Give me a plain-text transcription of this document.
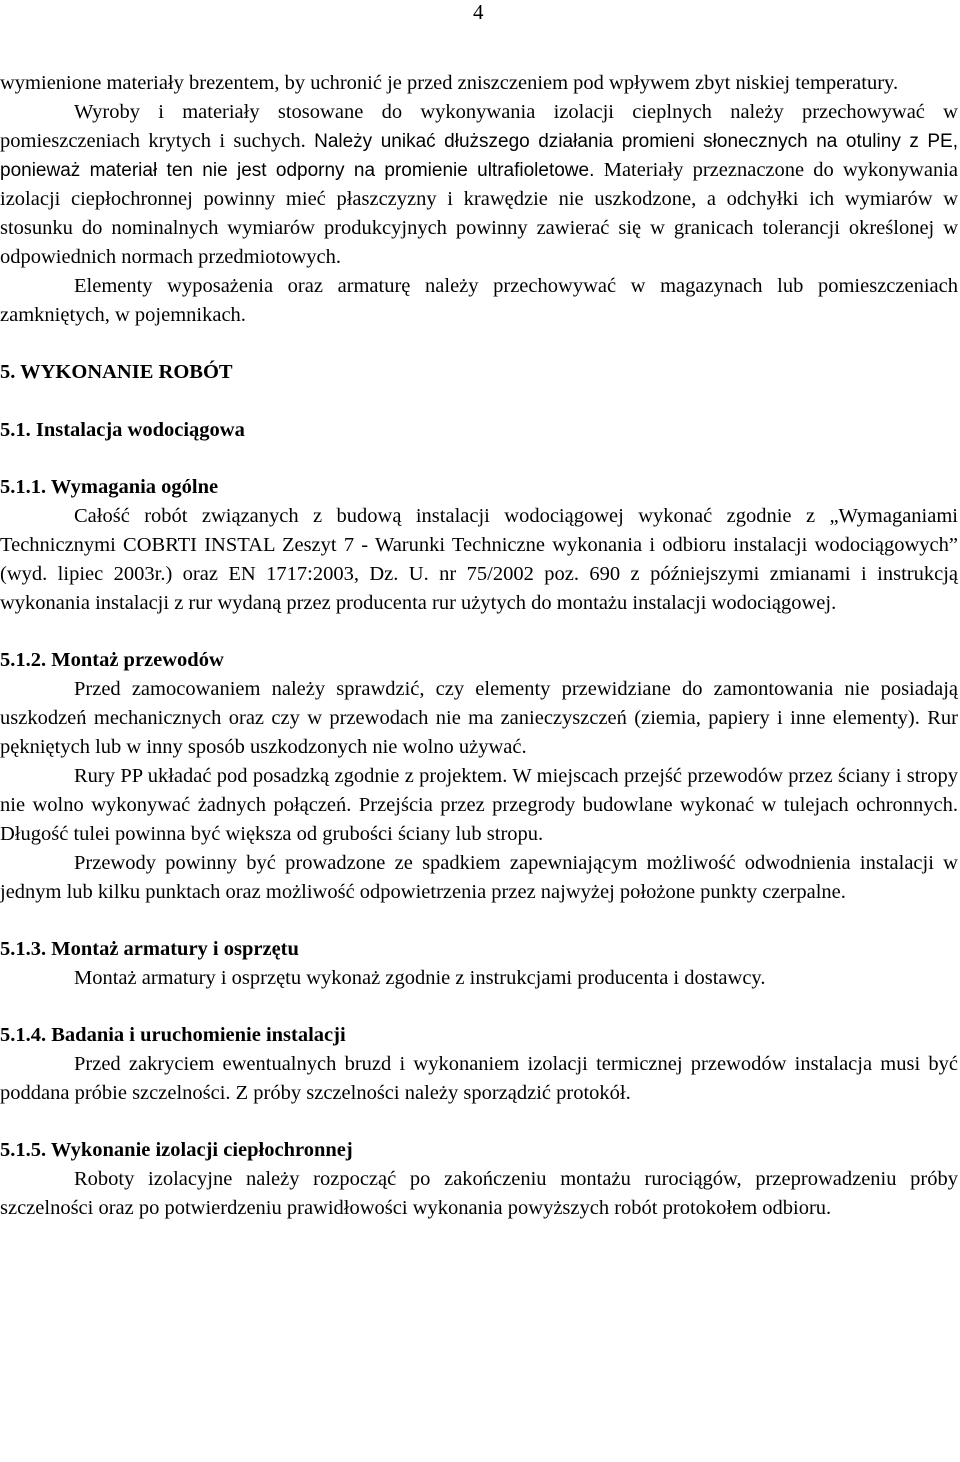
4

wymienione materiały brezentem, by uchronić je przed zniszczeniem pod wpływem zbyt niskiej temperatury.

Wyroby i materiały stosowane do wykonywania izolacji cieplnych należy przechowywać w pomieszczeniach krytych i suchych. Należy unikać dłuższego działania promieni słonecznych na otuliny z PE, ponieważ materiał ten nie jest odporny na promienie ultrafioletowe. Materiały przeznaczone do wykonywania izolacji ciepłochronnej powinny mieć płaszczyzny i krawędzie nie uszkodzone, a odchyłki ich wymiarów w stosunku do nominalnych wymiarów produkcyjnych powinny zawierać się w granicach tolerancji określonej w odpowiednich normach przedmiotowych.

Elementy wyposażenia oraz armaturę należy przechowywać w magazynach lub pomieszczeniach zamkniętych, w pojemnikach.

5. WYKONANIE ROBÓT
5.1. Instalacja wodociągowa
5.1.1. Wymagania ogólne

Całość robót związanych z budową instalacji wodociągowej wykonać zgodnie z „Wymaganiami Technicznymi COBRTI INSTAL Zeszyt 7 - Warunki Techniczne wykonania i odbioru instalacji wodociągowych” (wyd. lipiec 2003r.) oraz EN 1717:2003, Dz. U. nr 75/2002 poz. 690 z późniejszymi zmianami i instrukcją wykonania instalacji z rur wydaną przez producenta rur użytych do montażu instalacji wodociągowej.

5.1.2. Montaż przewodów

Przed zamocowaniem należy sprawdzić, czy elementy przewidziane do zamontowania nie posiadają uszkodzeń mechanicznych oraz czy w przewodach nie ma zanieczyszczeń (ziemia, papiery i inne elementy). Rur pękniętych lub w inny sposób uszkodzonych nie wolno używać.

Rury PP układać pod posadzką zgodnie z projektem. W miejscach przejść przewodów przez ściany i stropy nie wolno wykonywać żadnych połączeń. Przejścia przez przegrody budowlane wykonać w tulejach ochronnych. Długość tulei powinna być większa od grubości ściany lub stropu.

Przewody powinny być prowadzone ze spadkiem zapewniającym możliwość odwodnienia instalacji w jednym lub kilku punktach oraz możliwość odpowietrzenia przez najwyżej położone punkty czerpalne.

5.1.3. Montaż armatury i osprzętu

Montaż armatury i osprzętu wykonaż zgodnie z instrukcjami producenta i dostawcy.

5.1.4. Badania i uruchomienie instalacji

Przed zakryciem ewentualnych bruzd i wykonaniem izolacji termicznej przewodów instalacja musi być poddana próbie szczelności. Z próby szczelności należy sporządzić protokół.

5.1.5. Wykonanie izolacji ciepłochronnej

Roboty izolacyjne należy rozpocząć po zakończeniu montażu rurociągów, przeprowadzeniu próby szczelności oraz po potwierdzeniu prawidłowości wykonania powyższych robót protokołem odbioru.
